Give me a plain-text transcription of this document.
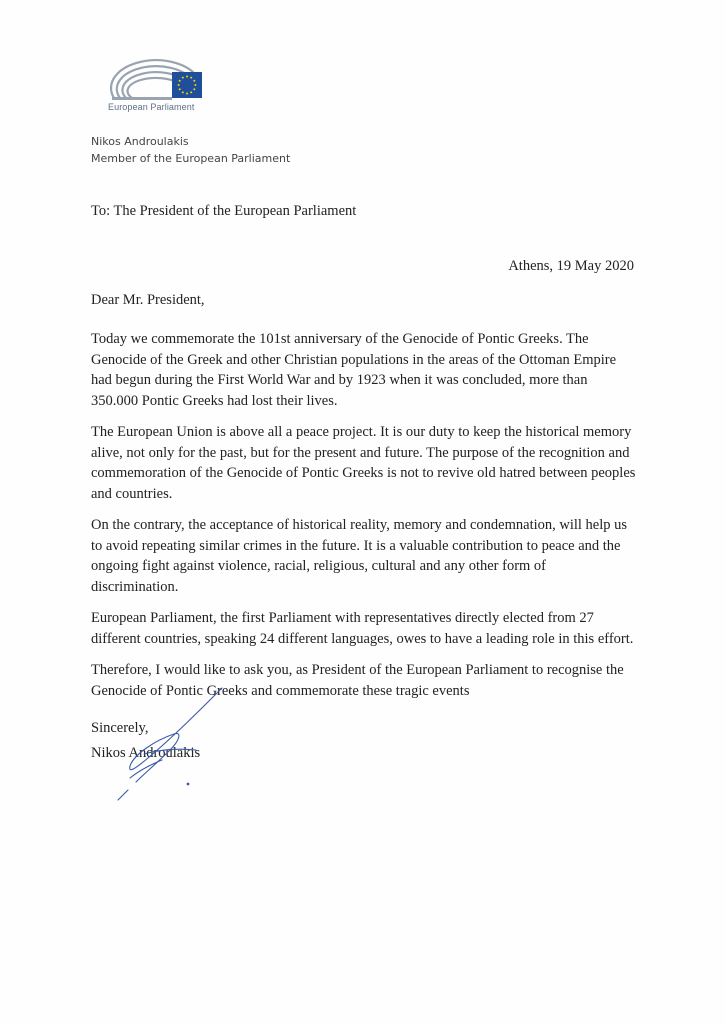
European Parliament
Nikos Androulakis
Member of the European Parliament
To: The President of the European Parliament
Athens, 19 May 2020
Dear Mr. President,
Today we commemorate the 101st anniversary of the Genocide of Pontic Greeks. The
Genocide of the Greek and other Christian populations in the areas of the Ottoman Empire
had begun during the First World War and by 1923 when it was concluded, more than
350.000 Pontic Greeks had lost their lives.
The European Union is above all a peace project. It is our duty to keep the historical memory
alive, not only for the past, but for the present and future. The purpose of the recognition and
commemoration of the Genocide of Pontic Greeks is not to revive old hatred between peoples
and countries.
On the contrary, the acceptance of historical reality, memory and condemnation, will help us
to avoid repeating similar crimes in the future. It is a valuable contribution to peace and the
ongoing fight against violence, racial, religious, cultural and any other form of
discrimination.
European Parliament, the first Parliament with representatives directly elected from 27
different countries, speaking 24 different languages, owes to have a leading role in this effort.
Therefore, I would like to ask you, as President of the European Parliament to recognise the
Genocide of Pontic Greeks and commemorate these tragic events
Sincerely,
Nikos Androulakis
